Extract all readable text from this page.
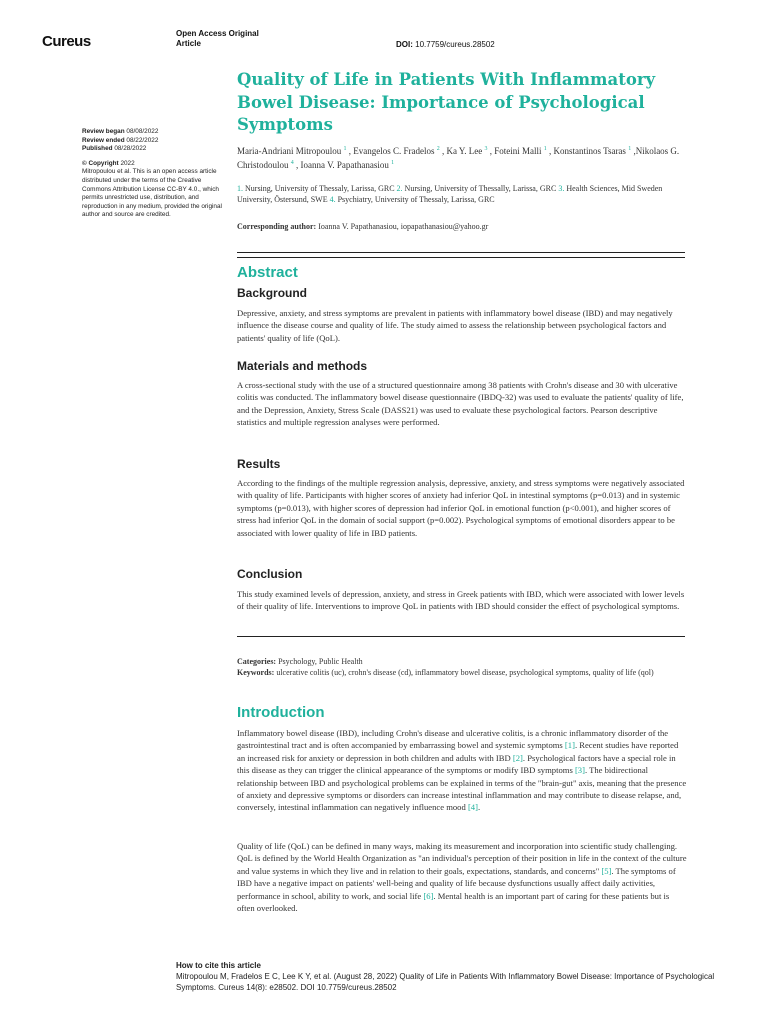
Cureus	Open Access Original
Article	DOI: 10.7759/cureus.28502
Quality of Life in Patients With Inflammatory Bowel Disease: Importance of Psychological Symptoms
Review began 08/08/2022
Review ended 08/22/2022
Published 08/28/2022
© Copyright 2022
Mitropoulou et al. This is an open access article distributed under the terms of the Creative Commons Attribution License CC-BY 4.0., which permits unrestricted use, distribution, and reproduction in any medium, provided the original author and source are credited.
Maria-Andriani Mitropoulou $^1$ , Evangelos C. Fradelos $^2$ , Ka Y. Lee $^3$ , Foteini Malli $^1$ , Konstantinos Tsaras $^1$ ,Nikolaos G. Christodoulou $^4$ , Ioanna V. Papathanasiou $^1$
1. Nursing, University of Thessaly, Larissa, GRC 2. Nursing, University of Thessally, Larissa, GRC 3. Health Sciences, Mid Sweden University, Östersund, SWE 4. Psychiatry, University of Thessaly, Larissa, GRC
Corresponding author: Ioanna V. Papathanasiou, iopapathanasiou@yahoo.gr
Abstract
Background

Depressive, anxiety, and stress symptoms are prevalent in patients with inflammatory bowel disease (IBD) and may negatively influence the disease course and quality of life. The study aimed to assess the relationship between psychological factors and patients' quality of life (QoL).

Materials and methods

A cross-sectional study with the use of a structured questionnaire among 38 patients with Crohn's disease and 30 with ulcerative colitis was conducted. The inflammatory bowel disease questionnaire (IBDQ-32) was used to evaluate the patients' quality of life, and the Depression, Anxiety, Stress Scale (DASS21) was used to evaluate these psychological factors. Pearson descriptive statistics and multiple regression analyses were performed.

Results

According to the findings of the multiple regression analysis, depressive, anxiety, and stress symptoms were negatively associated with quality of life. Participants with higher scores of anxiety had inferior QoL in intestinal symptoms (p=0.013) and in systemic symptoms (p=0.013), with higher scores of depression had inferior QoL in emotional function (p<0.001), and higher scores of stress had inferior QoL in the domain of social support (p=0.002). Psychological symptoms of emotional disorders appear to be associated with lower quality of life in IBD patients.

Conclusion

This study examined levels of depression, anxiety, and stress in Greek patients with IBD, which were associated with lower levels of their quality of life. Interventions to improve QoL in patients with IBD should consider the effect of psychological symptoms.

Categories: Psychology, Public Health
Keywords: ulcerative colitis (uc), crohn's disease (cd), inflammatory bowel disease, psychological symptoms, quality of life (qol)
Introduction

Inflammatory bowel disease (IBD), including Crohn's disease and ulcerative colitis, is a chronic inflammatory disorder of the gastrointestinal tract and is often accompanied by embarrassing bowel and systemic symptoms [1]. Recent studies have reported an increased risk for anxiety or depression in both children and adults with IBD [2]. Psychological factors have a special role in this disease as they can trigger the clinical appearance of the symptoms or modify IBD symptoms [3]. The bidirectional relationship between IBD and psychological problems can be explained in terms of the "brain-gut" axis, meaning that the presence of anxiety and depressive symptoms or disorders can increase intestinal inflammation and may contribute to disease relapse, and, conversely, intestinal inflammation can negatively influence mood [4].

Quality of life (QoL) can be defined in many ways, making its measurement and incorporation into scientific study challenging. QoL is defined by the World Health Organization as "an individual's perception of their position in life in the context of the culture and value systems in which they live and in relation to their goals, expectations, standards, and concerns" [5]. The symptoms of IBD have a negative impact on patients' well-being and quality of life because dysfunctions usually affect daily activities, performance in school, ability to work, and social life [6]. Mental health is an important part of caring for these patients but is often overlooked.

How to cite this article
Mitropoulou M, Fradelos E C, Lee K Y, et al. (August 28, 2022) Quality of Life in Patients With Inflammatory Bowel Disease: Importance of Psychological Symptoms. Cureus 14(8): e28502. DOI 10.7759/cureus.28502
